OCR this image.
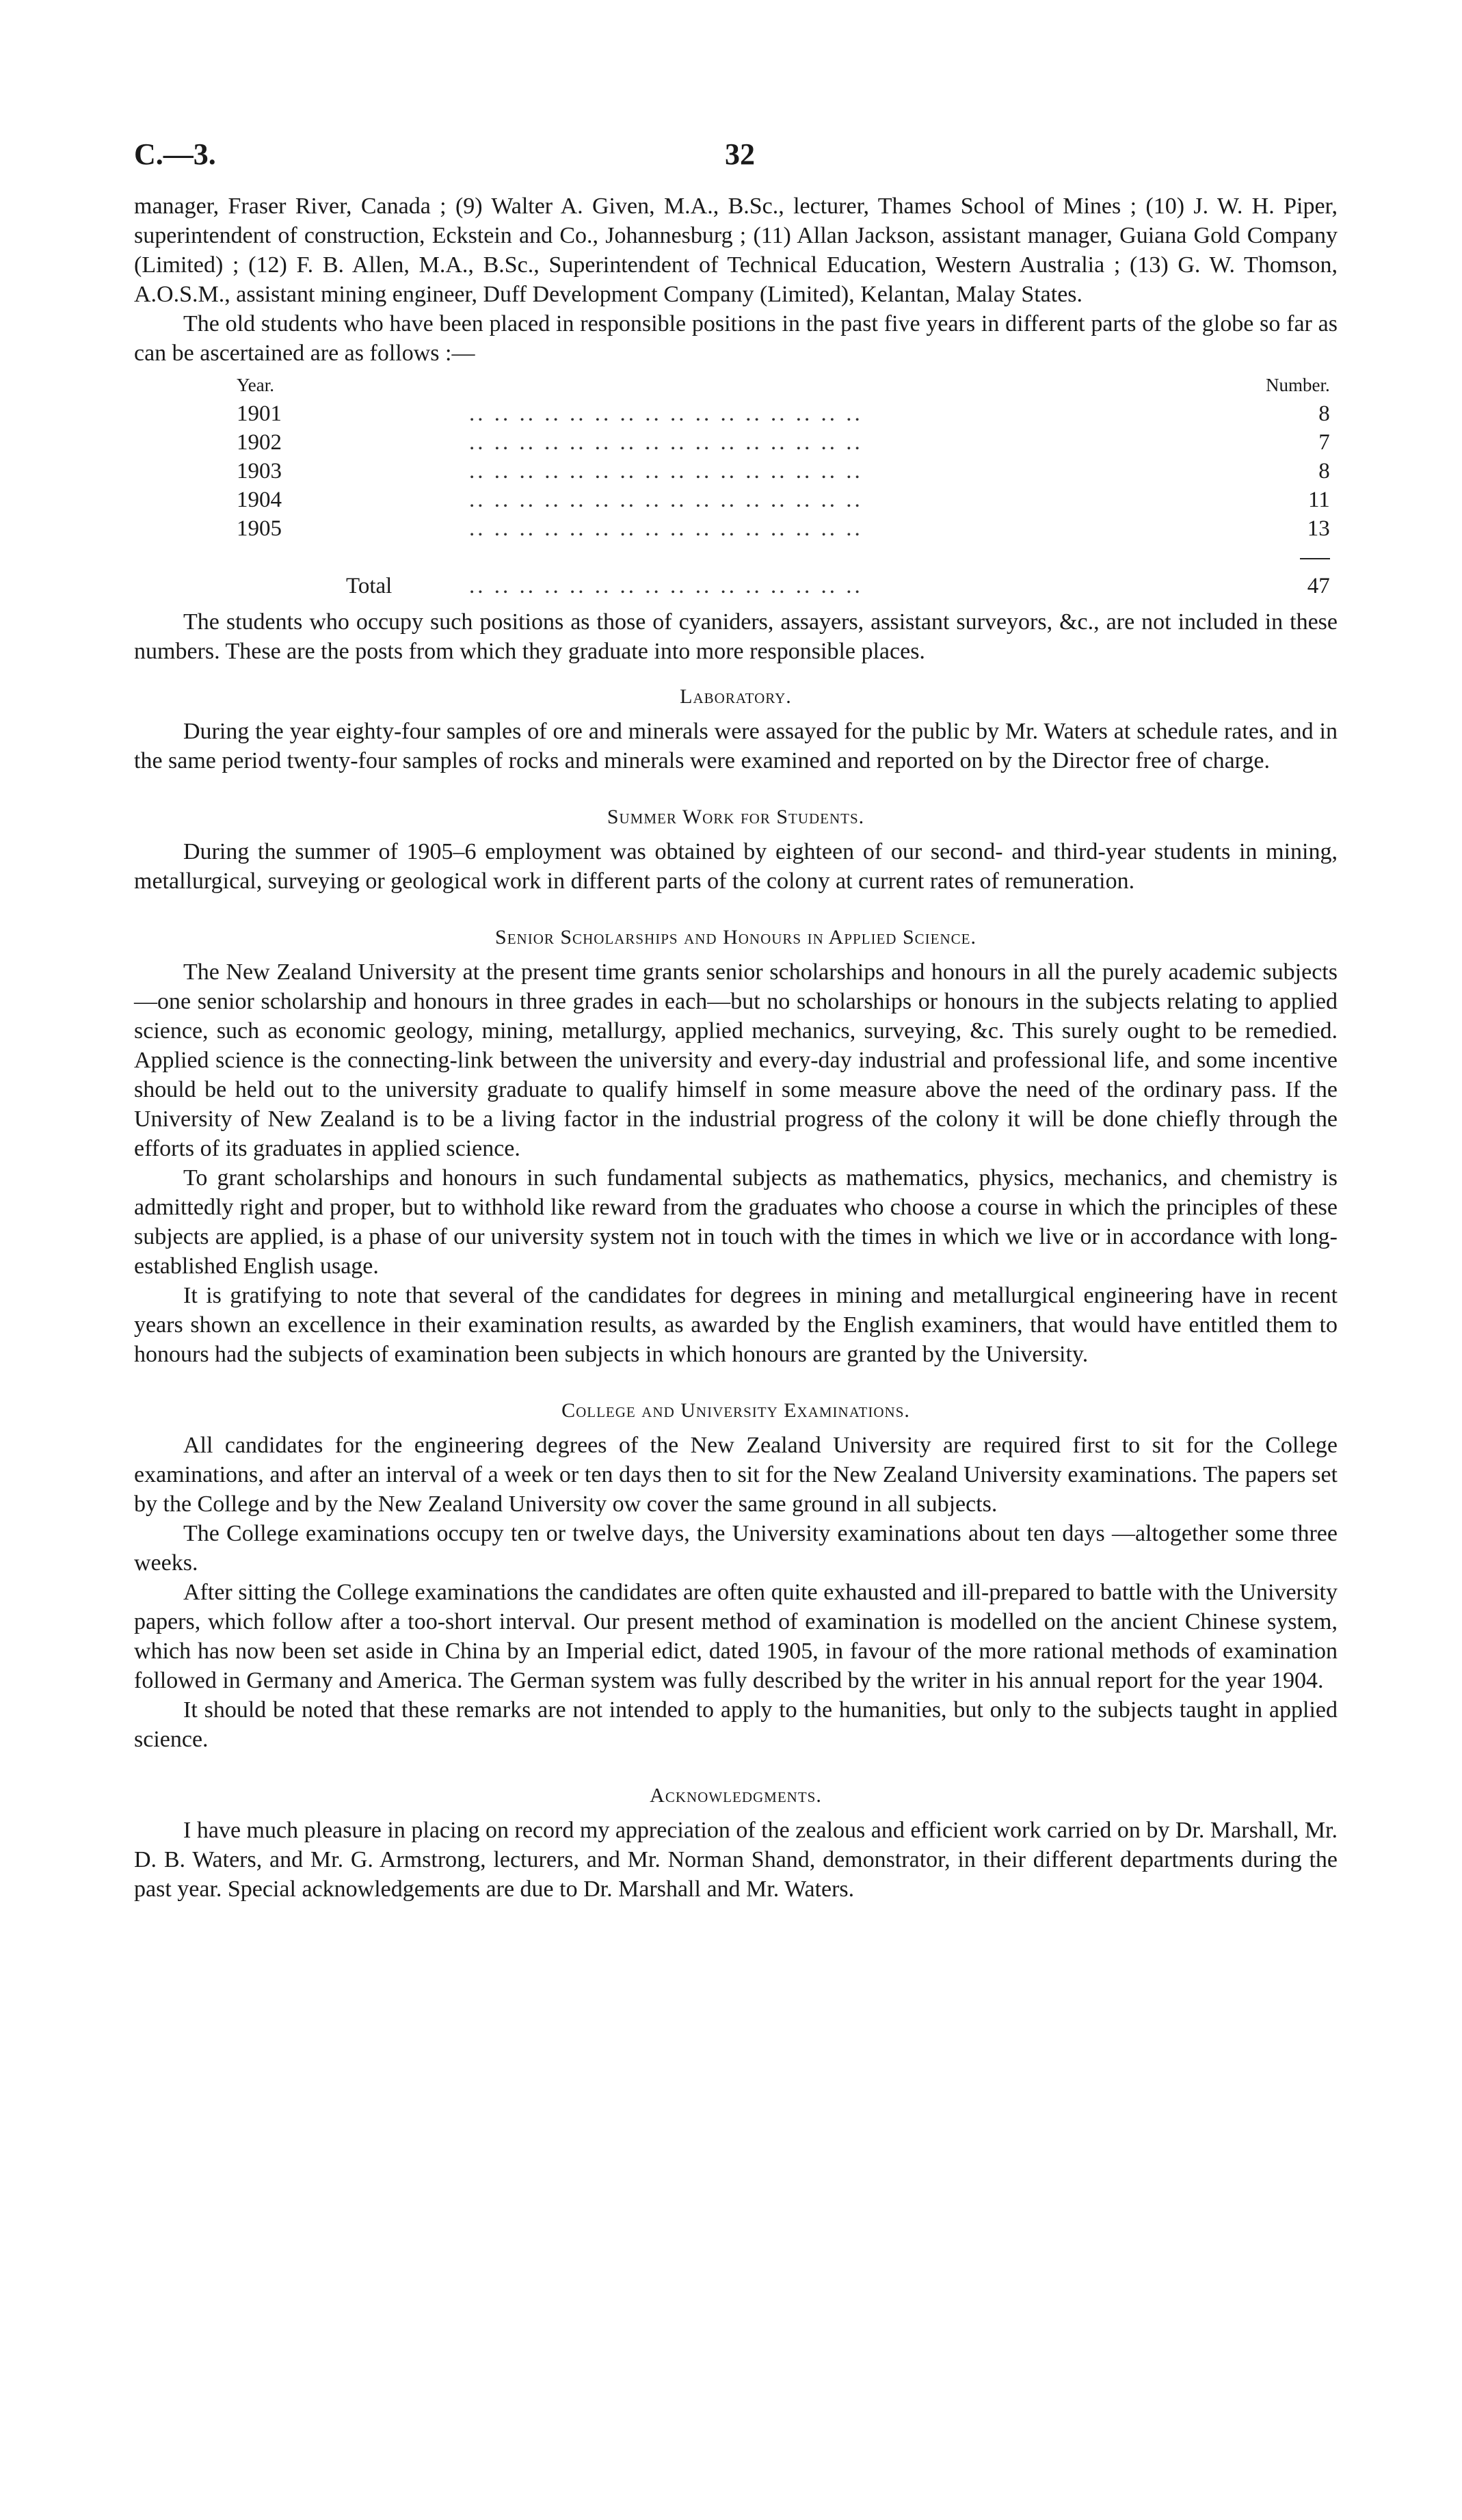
C.—3.	32

manager, Fraser River, Canada ; (9) Walter A. Given, M.A., B.Sc., lecturer, Thames School of Mines ; (10) J. W. H. Piper, superintendent of construction, Eckstein and Co., Johannesburg ; (11) Allan Jackson, assistant manager, Guiana Gold Company (Limited) ; (12) F. B. Allen, M.A., B.Sc., Superintendent of Technical Education, Western Australia ; (13) G. W. Thomson, A.O.S.M., assistant mining engineer, Duff Development Company (Limited), Kelantan, Malay States.

The old students who have been placed in responsible positions in the past five years in different parts of the globe so far as can be ascertained are as follows :—

Year.		Number.
1901	.. .. .. .. .. .. .. .. .. .. .. .. .. .. .. ..	8
1902	.. .. .. .. .. .. .. .. .. .. .. .. .. .. .. ..	7
1903	.. .. .. .. .. .. .. .. .. .. .. .. .. .. .. ..	8
1904	.. .. .. .. .. .. .. .. .. .. .. .. .. .. .. ..	11
1905	.. .. .. .. .. .. .. .. .. .. .. .. .. .. .. ..	13

Total	.. .. .. .. .. .. .. .. .. .. .. .. .. .. .. ..	47

The students who occupy such positions as those of cyaniders, assayers, assistant surveyors, &c., are not included in these numbers. These are the posts from which they graduate into more responsible places.

Laboratory.

During the year eighty-four samples of ore and minerals were assayed for the public by Mr. Waters at schedule rates, and in the same period twenty-four samples of rocks and minerals were examined and reported on by the Director free of charge.

Summer Work for Students.

During the summer of 1905–6 employment was obtained by eighteen of our second- and third-year students in mining, metallurgical, surveying or geological work in different parts of the colony at current rates of remuneration.

Senior Scholarships and Honours in Applied Science.

The New Zealand University at the present time grants senior scholarships and honours in all the purely academic subjects—one senior scholarship and honours in three grades in each—but no scholarships or honours in the subjects relating to applied science, such as economic geology, mining, metallurgy, applied mechanics, surveying, &c. This surely ought to be remedied. Applied science is the connecting-link between the university and every-day industrial and professional life, and some incentive should be held out to the university graduate to qualify himself in some measure above the need of the ordinary pass. If the University of New Zealand is to be a living factor in the industrial progress of the colony it will be done chiefly through the efforts of its graduates in applied science.

To grant scholarships and honours in such fundamental subjects as mathematics, physics, mechanics, and chemistry is admittedly right and proper, but to withhold like reward from the graduates who choose a course in which the principles of these subjects are applied, is a phase of our university system not in touch with the times in which we live or in accordance with long-established English usage.

It is gratifying to note that several of the candidates for degrees in mining and metallurgical engineering have in recent years shown an excellence in their examination results, as awarded by the English examiners, that would have entitled them to honours had the subjects of examination been subjects in which honours are granted by the University.

College and University Examinations.

All candidates for the engineering degrees of the New Zealand University are required first to sit for the College examinations, and after an interval of a week or ten days then to sit for the New Zealand University examinations. The papers set by the College and by the New Zealand University ow cover the same ground in all subjects.

The College examinations occupy ten or twelve days, the University examinations about ten days —altogether some three weeks.

After sitting the College examinations the candidates are often quite exhausted and ill-prepared to battle with the University papers, which follow after a too-short interval. Our present method of examination is modelled on the ancient Chinese system, which has now been set aside in China by an Imperial edict, dated 1905, in favour of the more rational methods of examination followed in Germany and America. The German system was fully described by the writer in his annual report for the year 1904.

It should be noted that these remarks are not intended to apply to the humanities, but only to the subjects taught in applied science.

Acknowledgments.

I have much pleasure in placing on record my appreciation of the zealous and efficient work carried on by Dr. Marshall, Mr. D. B. Waters, and Mr. G. Armstrong, lecturers, and Mr. Norman Shand, demonstrator, in their different departments during the past year. Special acknowledgements are due to Dr. Marshall and Mr. Waters.
